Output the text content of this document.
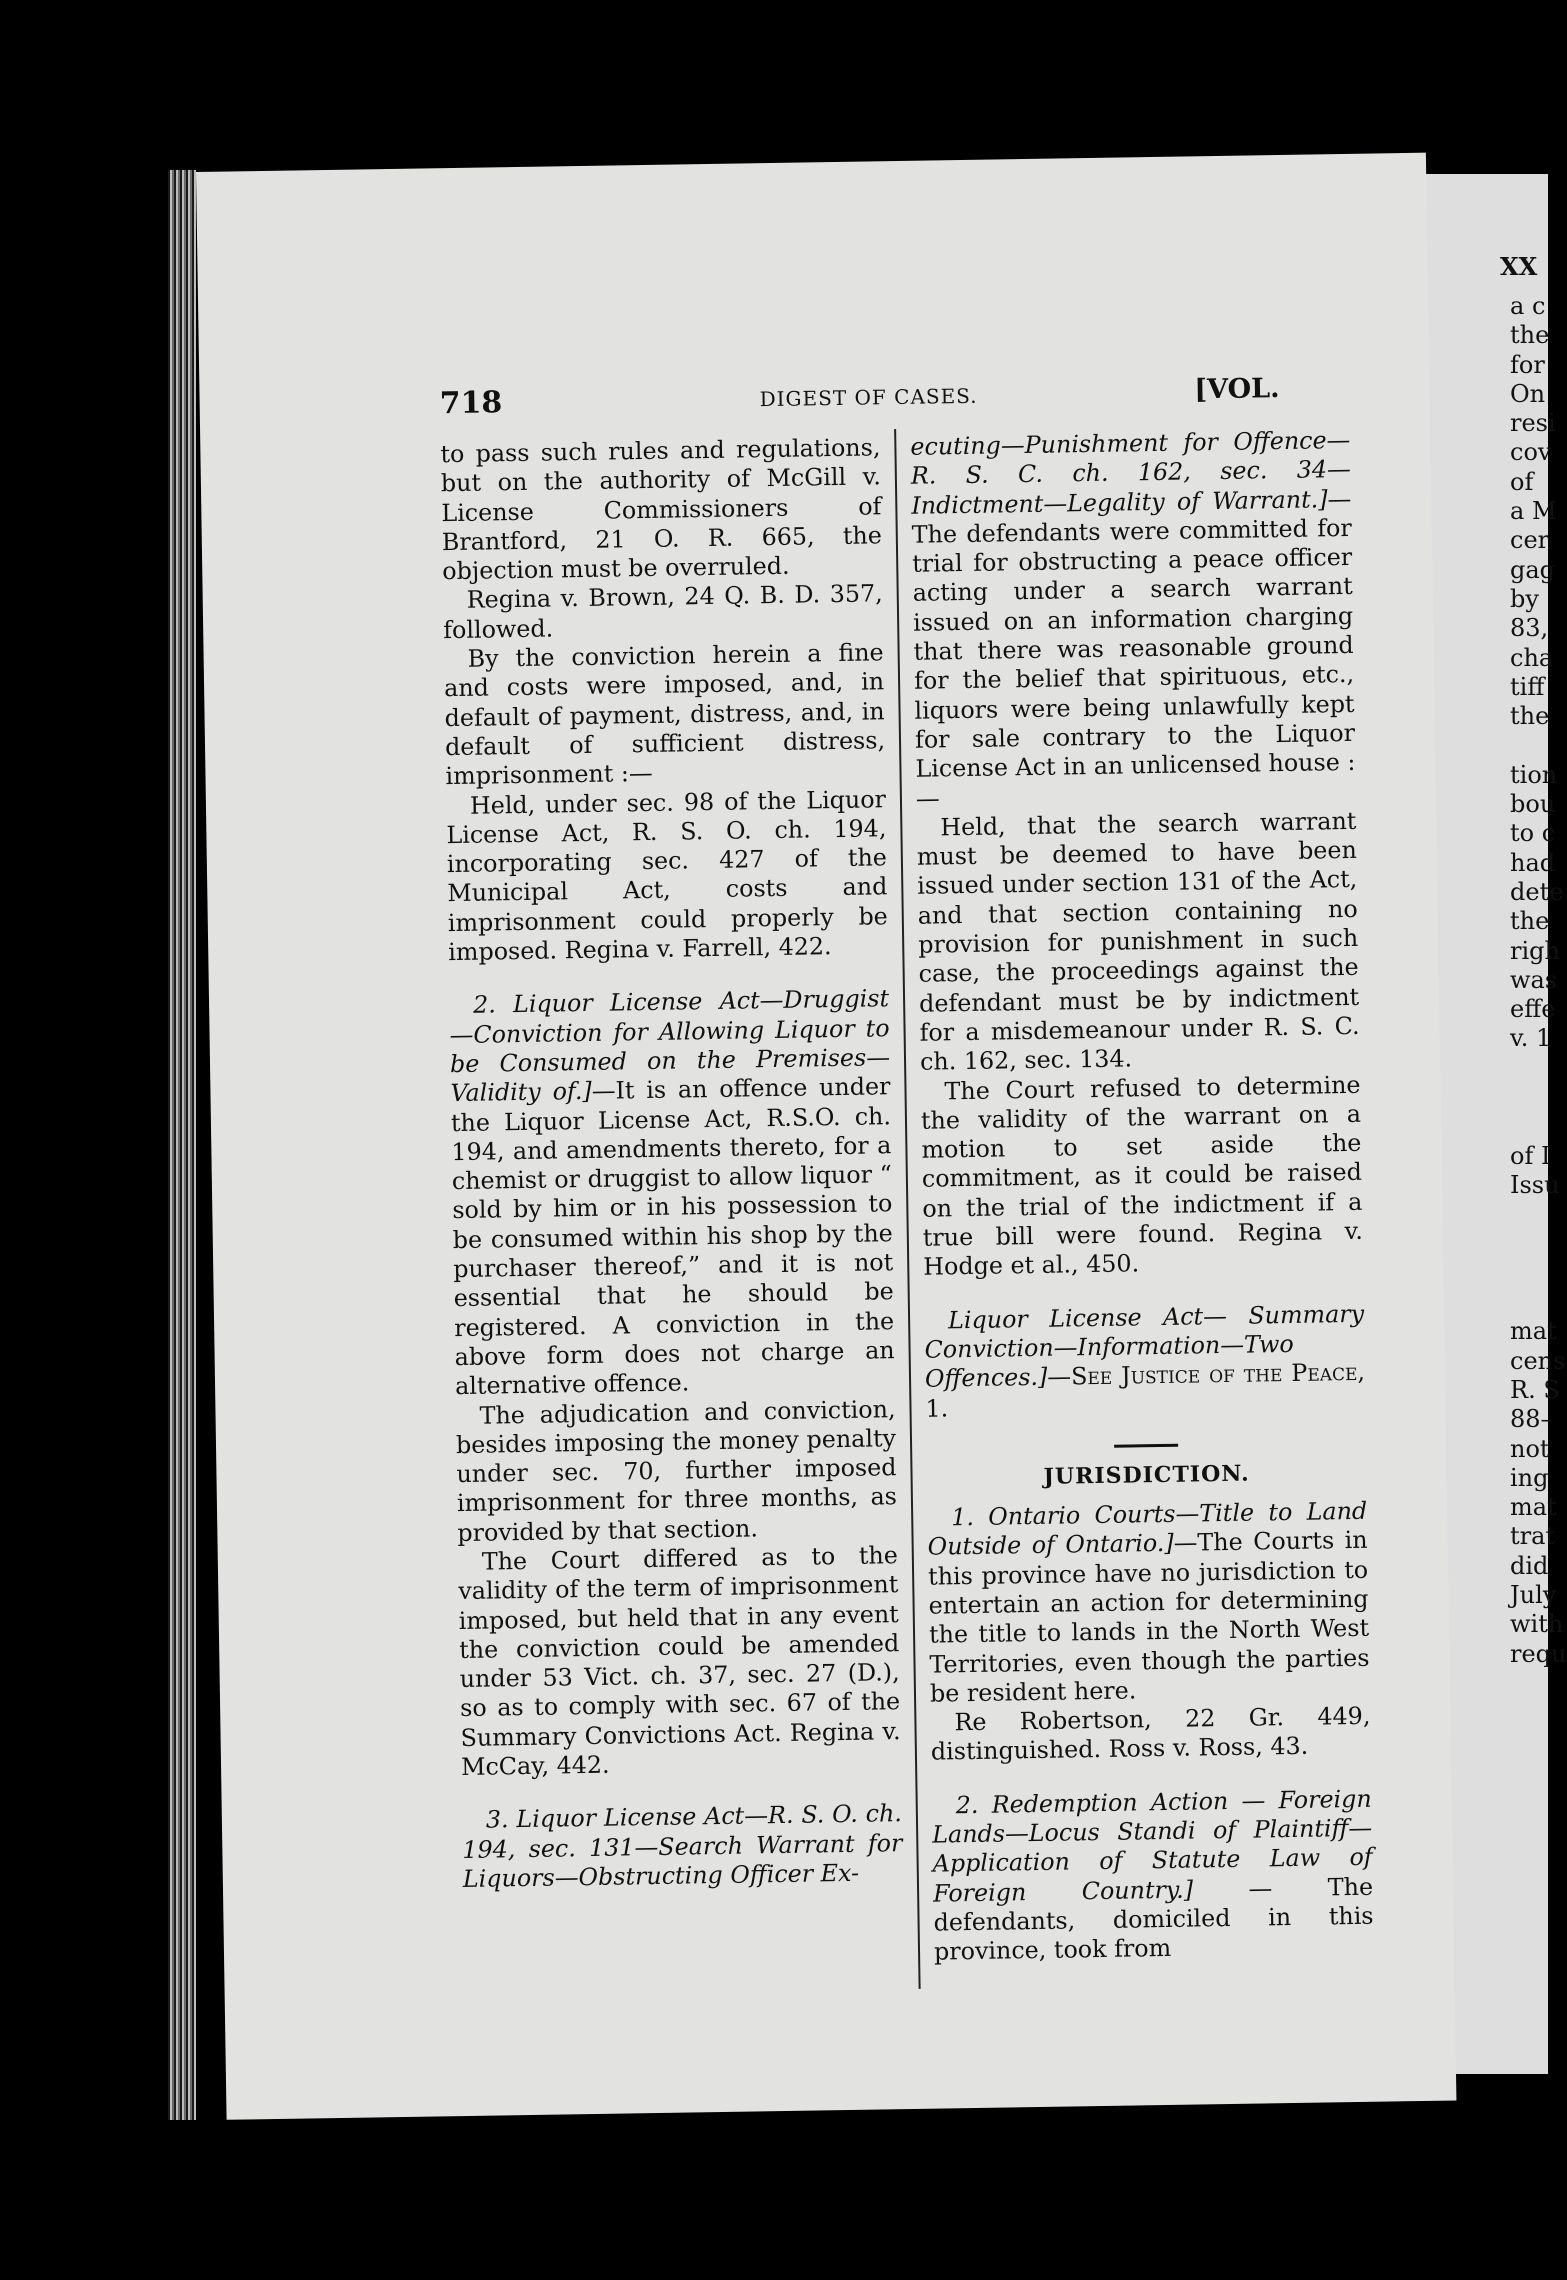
XX
a c
the
for
On
resi
cov
of
a M
cer
gag
by
83,
cha
tiff
the

tion
bou
to c
had
dete
the
righ
was
effe
v. 1

of I
Issu

mat
cens
R. S
88–
not
ing
mat
trat
did
July
with
requ
718	DIGEST OF CASES.	[VOL.

to pass such rules and regulations, but on the authority of McGill v. License Commissioners of Brantford, 21 O. R. 665, the objection must be overruled.

Regina v. Brown, 24 Q. B. D. 357, followed.

By the conviction herein a fine and costs were imposed, and, in default of payment, distress, and, in default of sufficient distress, imprisonment :—

Held, under sec. 98 of the Liquor License Act, R. S. O. ch. 194, incorporating sec. 427 of the Municipal Act, costs and imprisonment could properly be imposed. Regina v. Farrell, 422.

2. Liquor License Act—Druggist —Conviction for Allowing Liquor to be Consumed on the Premises—Validity of.]—It is an offence under the Liquor License Act, R.S.O. ch. 194, and amendments thereto, for a chemist or druggist to allow liquor “ sold by him or in his possession to be consumed within his shop by the purchaser thereof,” and it is not essential that he should be registered. A conviction in the above form does not charge an alternative offence.

The adjudication and conviction, besides imposing the money penalty under sec. 70, further imposed imprisonment for three months, as provided by that section.

The Court differed as to the validity of the term of imprisonment imposed, but held that in any event the conviction could be amended under 53 Vict. ch. 37, sec. 27 (D.), so as to comply with sec. 67 of the Summary Convictions Act. Regina v. McCay, 442.

3. Liquor License Act—R. S. O. ch. 194, sec. 131—Search Warrant for Liquors—Obstructing Officer Ex-

ecuting—Punishment for Offence— R. S. C. ch. 162, sec. 34—Indictment—Legality of Warrant.]—The defendants were committed for trial for obstructing a peace officer acting under a search warrant issued on an information charging that there was reasonable ground for the belief that spirituous, etc., liquors were being unlawfully kept for sale contrary to the Liquor License Act in an unlicensed house :—

Held, that the search warrant must be deemed to have been issued under section 131 of the Act, and that section containing no provision for punishment in such case, the proceedings against the defendant must be by indictment for a misdemeanour under R. S. C. ch. 162, sec. 134.

The Court refused to determine the validity of the warrant on a motion to set aside the commitment, as it could be raised on the trial of the indictment if a true bill were found. Regina v. Hodge et al., 450.

Liquor License Act— Summary Conviction—Information—Two Offences.]—See Justice of the Peace, 1.

JURISDICTION.

1. Ontario Courts—Title to Land Outside of Ontario.]—The Courts in this province have no jurisdiction to entertain an action for determining the title to lands in the North West Territories, even though the parties be resident here.

Re Robertson, 22 Gr. 449, distinguished. Ross v. Ross, 43.

2. Redemption Action — Foreign Lands—Locus Standi of Plaintiff— Application of Statute Law of Foreign Country.] — The defendants, domiciled in this province, took from
